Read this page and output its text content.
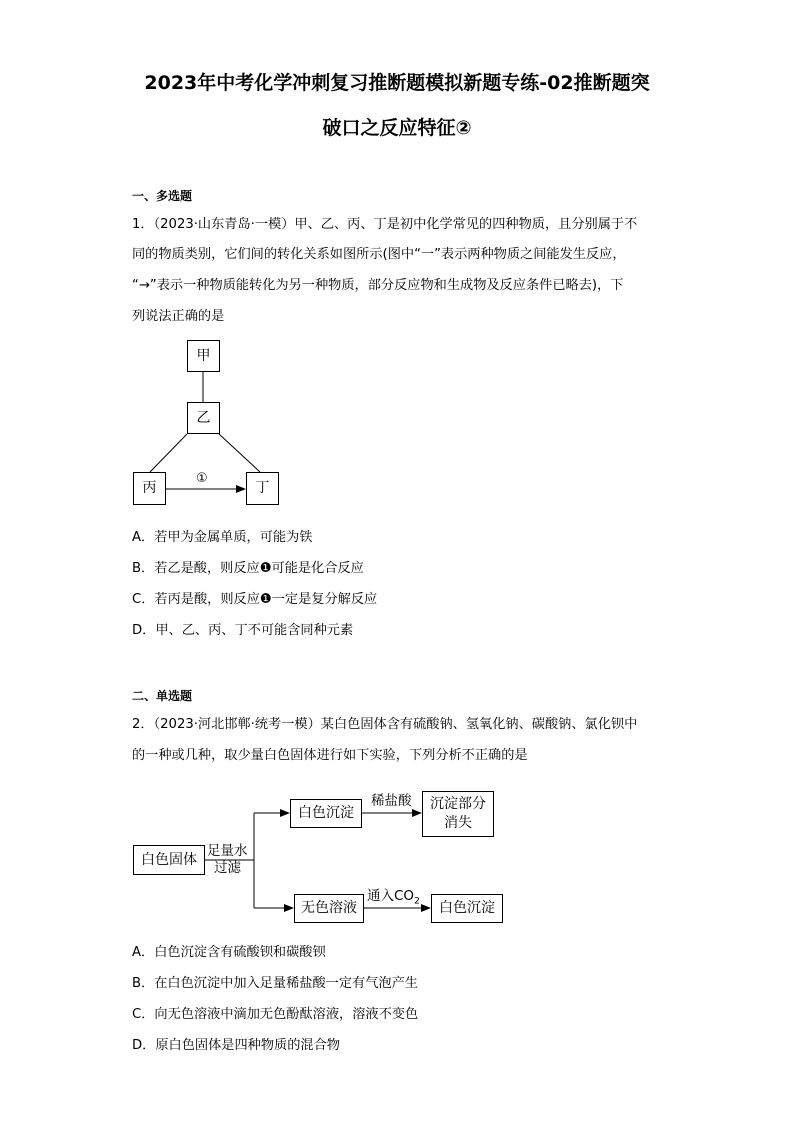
2023年中考化学冲刺复习推断题模拟新题专练-02推断题突
破口之反应特征②
一、多选题
1．（2023·山东青岛·一模）甲、乙、丙、丁是初中化学常见的四种物质，且分别属于不
同的物质类别，它们间的转化关系如图所示(图中“一”表示两种物质之间能发生反应，
“→”表示一种物质能转化为另一种物质，部分反应物和生成物及反应条件已略去)，下
列说法正确的是
甲
乙
丙	丁
①
A．若甲为金属单质，可能为铁
B．若乙是酸，则反应❶可能是化合反应
C．若丙是酸，则反应❶一定是复分解反应
D．甲、乙、丙、丁不可能含同种元素
二、单选题
2．（2023·河北邯郸·统考一模）某白色固体含有硫酸钠、氢氧化钠、碳酸钠、氯化钡中
的一种或几种，取少量白色固体进行如下实验，下列分析不正确的是
白色固体
足量水
过滤
白色沉淀
稀盐酸 沉淀部分
消失
无色溶液
通入$CO_2$	白色沉淀
A．白色沉淀含有硫酸钡和碳酸钡
B．在白色沉淀中加入足量稀盐酸一定有气泡产生
C．向无色溶液中滴加无色酚酞溶液，溶液不变色
D．原白色固体是四种物质的混合物
